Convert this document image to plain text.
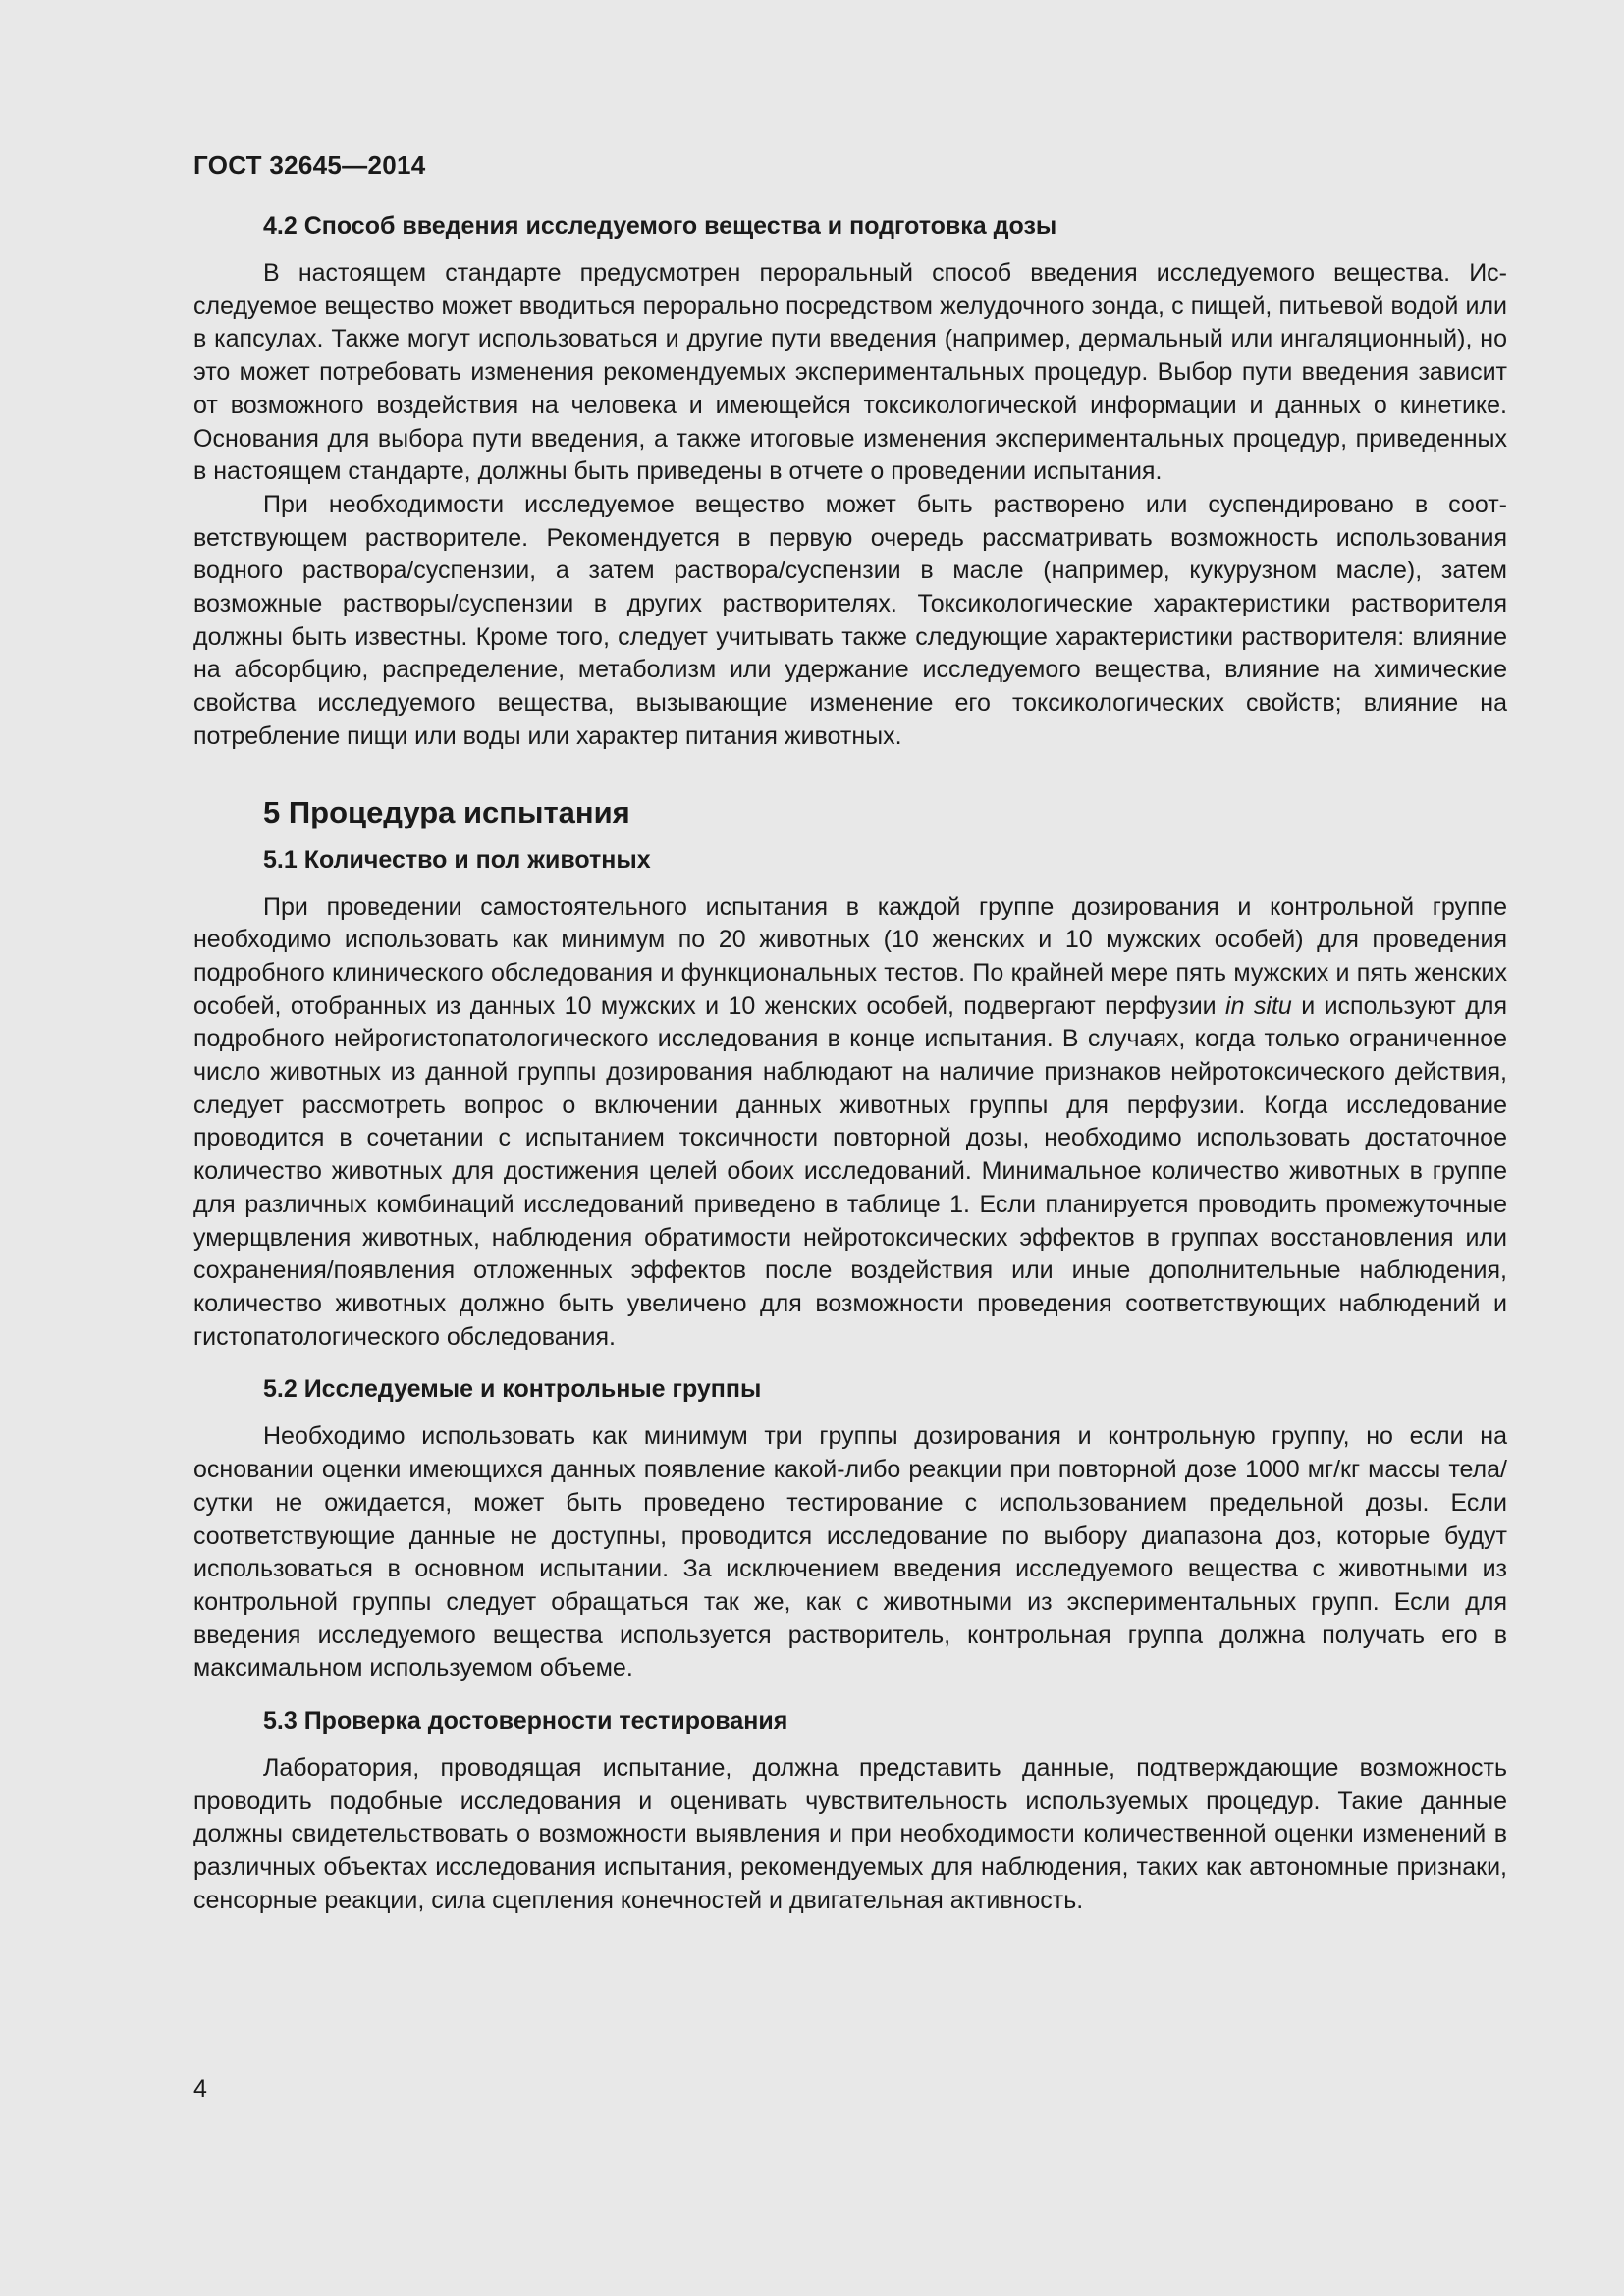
ГОСТ 32645—2014

4.2 Способ введения исследуемого вещества и подготовка дозы

В настоящем стандарте предусмотрен пероральный способ введения исследуемого вещества. Исследуемое вещество может вводиться перорально посредством желудочного зонда, с пищей, питьевой водой или в капсулах. Также могут использоваться и другие пути введения (например, дермальный или ингаляционный), но это может потребовать изменения рекомендуемых экспериментальных процедур. Выбор пути введения зависит от возможного воздействия на человека и имеющейся токсикологической информации и данных о кинетике. Основания для выбора пути введения, а также итоговые изменения экспериментальных процедур, приведенных в настоящем стандарте, должны быть приведены в отчете о проведении испытания.

При необходимости исследуемое вещество может быть растворено или суспендировано в соответствующем растворителе. Рекомендуется в первую очередь рассматривать возможность использования водного раствора/суспензии, а затем раствора/суспензии в масле (например, кукурузном масле), затем возможные растворы/суспензии в других растворителях. Токсикологические характеристики растворителя должны быть известны. Кроме того, следует учитывать также следующие характеристики растворителя: влияние на абсорбцию, распределение, метаболизм или удержание исследуемого вещества, влияние на химические свойства исследуемого вещества, вызывающие изменение его токсикологических свойств; влияние на потребление пищи или воды или характер питания животных.

5 Процедура испытания

5.1 Количество и пол животных

При проведении самостоятельного испытания в каждой группе дозирования и контрольной группе необходимо использовать как минимум по 20 животных (10 женских и 10 мужских особей) для проведения подробного клинического обследования и функциональных тестов. По крайней мере пять мужских и пять женских особей, отобранных из данных 10 мужских и 10 женских особей, подвергают перфузии in situ и используют для подробного нейрогистопатологического исследования в конце испытания. В случаях, когда только ограниченное число животных из данной группы дозирования наблюдают на наличие признаков нейротоксического действия, следует рассмотреть вопрос о включении данных животных группы для перфузии. Когда исследование проводится в сочетании с испытанием токсичности повторной дозы, необходимо использовать достаточное количество животных для достижения целей обоих исследований. Минимальное количество животных в группе для различных комбинаций исследований приведено в таблице 1. Если планируется проводить промежуточные умерщвления животных, наблюдения обратимости нейротоксических эффектов в группах восстановления или сохранения/появления отложенных эффектов после воздействия или иные дополнительные наблюдения, количество животных должно быть увеличено для возможности проведения соответствующих наблюдений и гистопатологического обследования.

5.2 Исследуемые и контрольные группы

Необходимо использовать как минимум три группы дозирования и контрольную группу, но если на основании оценки имеющихся данных появление какой-либо реакции при повторной дозе 1000 мг/кг массы тела/сутки не ожидается, может быть проведено тестирование с использованием предельной дозы. Если соответствующие данные не доступны, проводится исследование по выбору диапазона доз, которые будут использоваться в основном испытании. За исключением введения исследуемого вещества с животными из контрольной группы следует обращаться так же, как с животными из экспериментальных групп. Если для введения исследуемого вещества используется растворитель, контрольная группа должна получать его в максимальном используемом объеме.

5.3 Проверка достоверности тестирования

Лаборатория, проводящая испытание, должна представить данные, подтверждающие возможность проводить подобные исследования и оценивать чувствительность используемых процедур. Такие данные должны свидетельствовать о возможности выявления и при необходимости количественной оценки изменений в различных объектах исследования испытания, рекомендуемых для наблюдения, таких как автономные признаки, сенсорные реакции, сила сцепления конечностей и двигательная активность.

4
